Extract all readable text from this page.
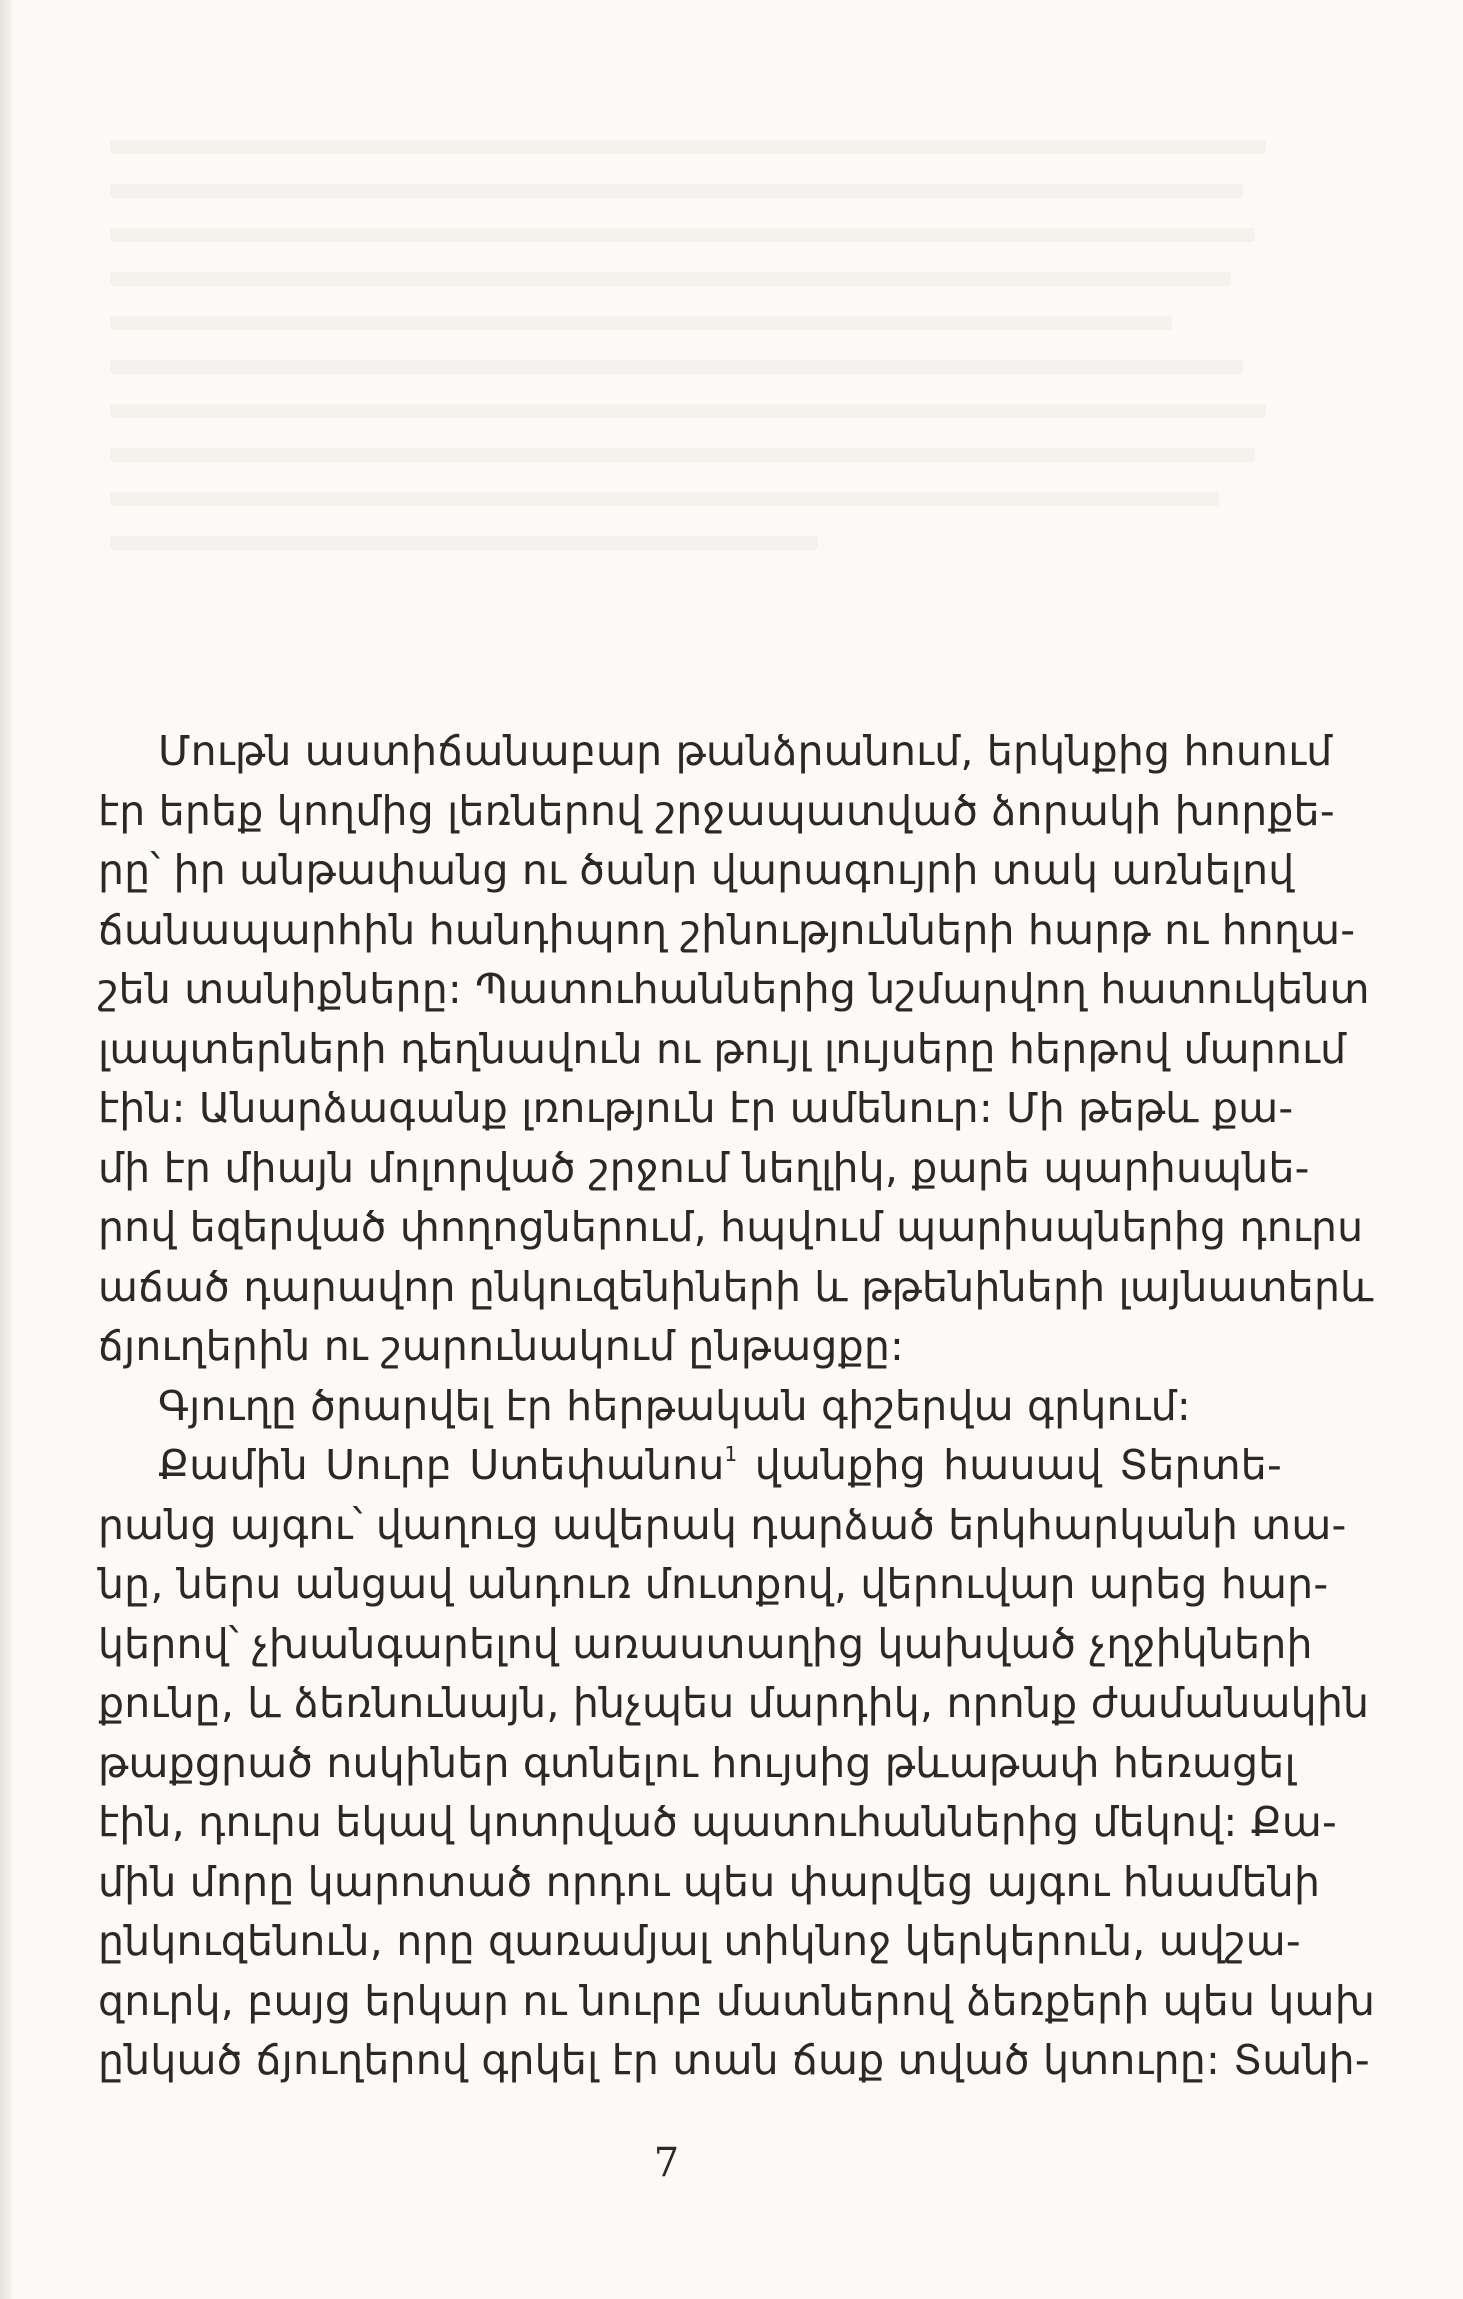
Մութն աստիճանաբար թանձրանում, երկնքից հոսում
էր երեք կողմից լեռներով շրջապատված ձորակի խորքե-
րը՝ իր անթափանց ու ծանր վարագույրի տակ առնելով
ճանապարհին հանդիպող շինությունների հարթ ու հողա-
շեն տանիքները: Պատուհաններից նշմարվող հատուկենտ
լապտերների դեղնավուն ու թույլ լույսերը հերթով մարում
էին: Անարձագանք լռություն էր ամենուր: Մի թեթև քա-
մի էր միայն մոլորված շրջում նեղլիկ, քարե պարիսպնե-
րով եզերված փողոցներում, հպվում պարիսպներից դուրս
աճած դարավոր ընկուզենիների և թթենիների լայնատերև
ճյուղերին ու շարունակում ընթացքը:
Գյուղը ծրարվել էր հերթական գիշերվա գրկում:
Քամին Սուրբ Ստեփանոս$^1$ վանքից հասավ Տերտե-
րանց այգու՝ վաղուց ավերակ դարձած երկհարկանի տա-
նը, ներս անցավ անդուռ մուտքով, վերուվար արեց հար-
կերով՝ չխանգարելով առաստաղից կախված չղջիկների
քունը, և ձեռնունայն, ինչպես մարդիկ, որոնք ժամանակին
թաքցրած ոսկիներ գտնելու հույսից թևաթափ հեռացել
էին, դուրս եկավ կոտրված պատուհաններից մեկով: Քա-
մին մորը կարոտած որդու պես փարվեց այգու հնամենի
ընկուզենուն, որը զառամյալ տիկնոջ կերկերուն, ավշա-
զուրկ, բայց երկար ու նուրբ մատներով ձեռքերի պես կախ
ընկած ճյուղերով գրկել էր տան ճաք տված կտուրը: Տանի-
7
